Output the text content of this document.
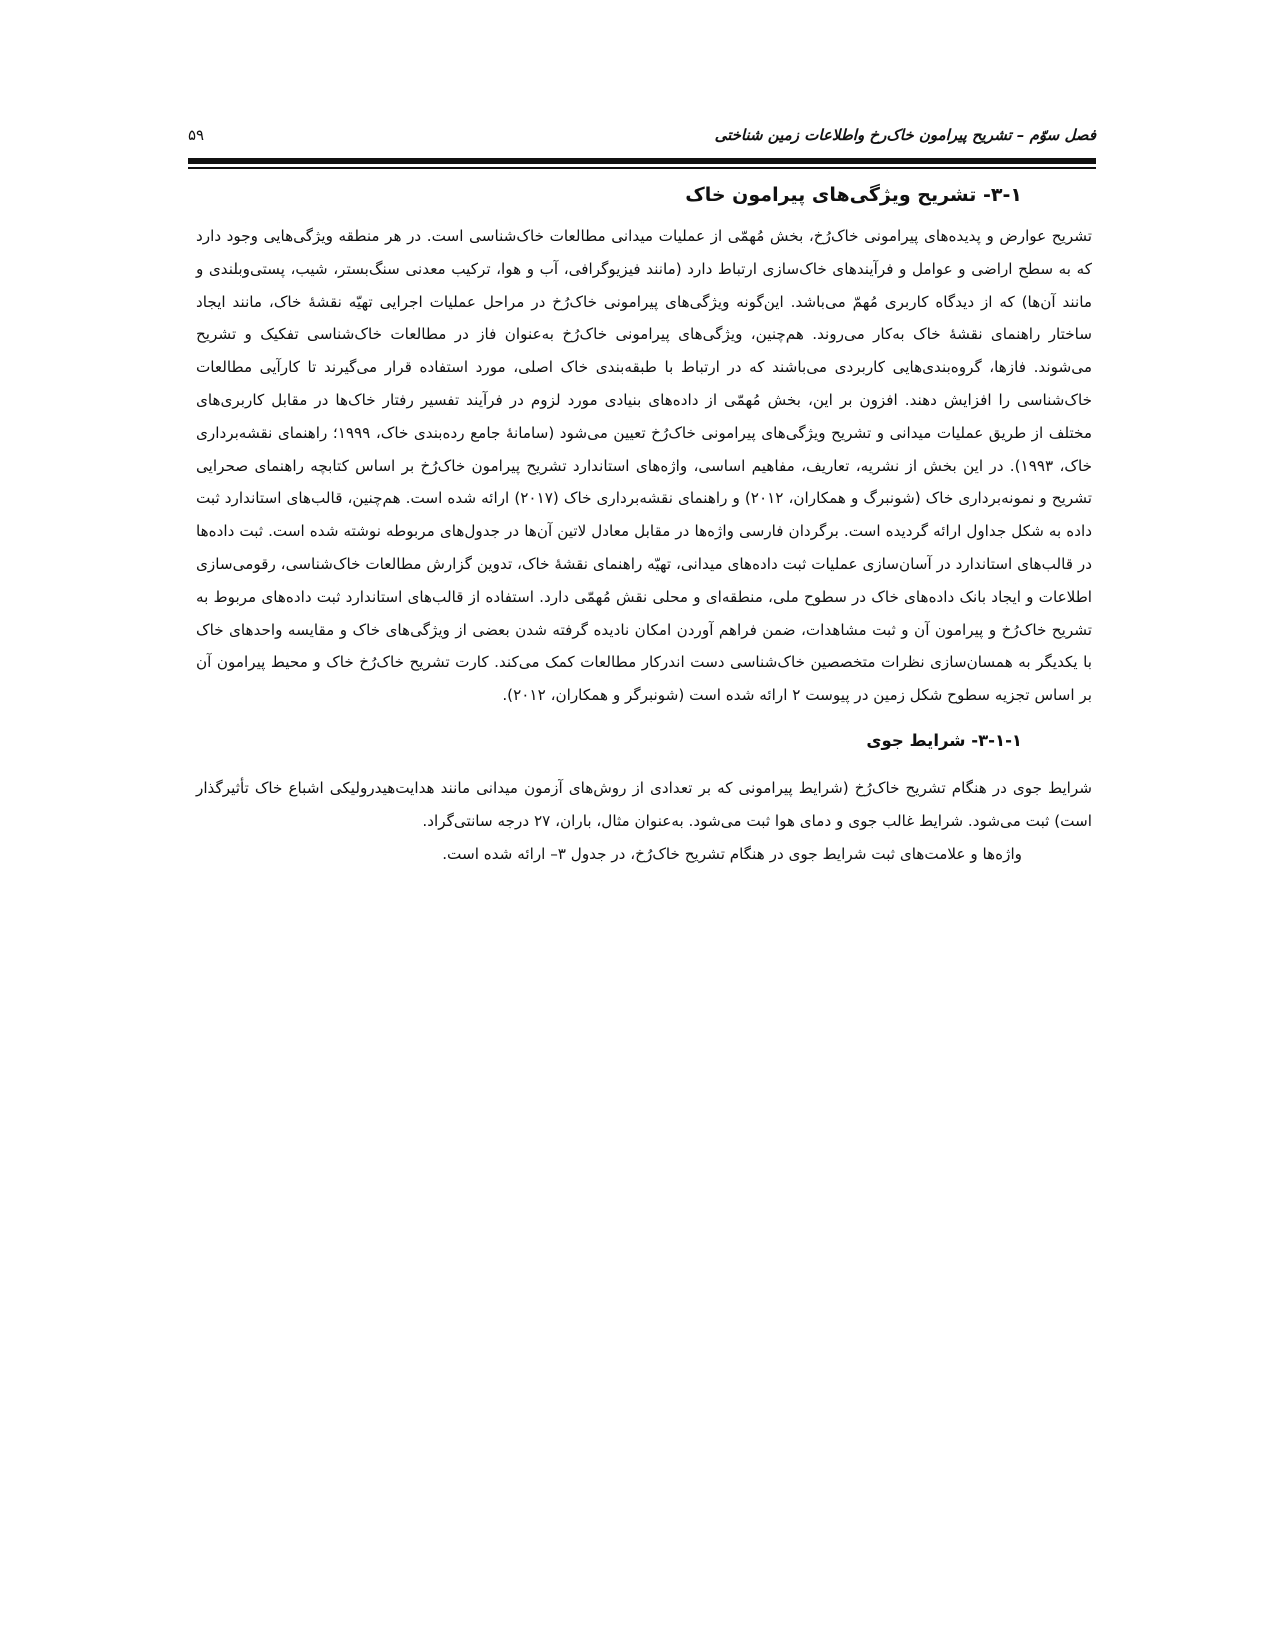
فصل سوّم – تشریح پیرامون خاک‌رخ واطلاعات زمین شناختی
۵۹
۳-۱- تشریح ویژگی‌های پیرامون خاک

تشریح عوارض و پدیده‌های پیرامونی خاک‌رُخ، بخش مُهمّی از عملیات میدانی مطالعات خاک‌شناسی است. در هر منطقه ویژگی‌هایی وجود دارد که به سطح اراضی و عوامل و فرآیندهای خاک‌سازی ارتباط دارد (مانند فیزیوگرافی، آب و هوا، ترکیب معدنی سنگ‌بستر، شیب، پستی‌وبلندی و مانند آن‌ها) که از دیدگاه کاربری مُهمّ می‌باشد. این‌گونه ویژگی‌های پیرامونی خاک‌رُخ در مراحل عملیات اجرایی تهیّه نقشهٔ خاک، مانند ایجاد ساختار راهنمای نقشهٔ خاک به‌کار می‌روند. هم‌چنین، ویژگی‌های پیرامونی خاک‌رُخ به‌عنوان فاز در مطالعات خاک‌شناسی تفکیک و تشریح می‌شوند. فازها، گروه‌بندی‌هایی کاربردی می‌باشند که در ارتباط با طبقه‌بندی خاک اصلی، مورد استفاده قرار می‌گیرند تا کارآیی مطالعات خاک‌شناسی را افزایش دهند. افزون بر این، بخش مُهمّی از داده‌های بنیادی مورد لزوم در فرآیند تفسیر رفتار خاک‌ها در مقابل کاربری‌های مختلف از طریق عملیات میدانی و تشریح ویژگی‌های پیرامونی خاک‌رُخ تعیین می‌شود (سامانهٔ جامع رده‌بندی خاک، ۱۹۹۹؛ راهنمای نقشه‌برداری خاک، ۱۹۹۳). در این بخش از نشریه، تعاریف، مفاهیم اساسی، واژه‌های استاندارد تشریح پیرامون خاک‌رُخ بر اساس کتابچه راهنمای صحرایی تشریح و نمونه‌برداری خاک (شونبرگ و همکاران، ۲۰۱۲) و راهنمای نقشه‌برداری خاک (۲۰۱۷) ارائه شده است. هم‌چنین، قالب‌های استاندارد ثبت داده به شکل جداول ارائه گردیده است. برگردان فارسی واژه‌ها در مقابل معادل لاتین آن‌ها در جدول‌های مربوطه نوشته شده است. ثبت داده‌ها در قالب‌های استاندارد در آسان‌سازی عملیات ثبت داده‌های میدانی، تهیّه راهنمای نقشهٔ خاک، تدوین گزارش مطالعات خاک‌شناسی، رقومی‌سازی اطلاعات و ایجاد بانک داده‌های خاک در سطوح ملی، منطقه‌ای و محلی نقش مُهمّی دارد. استفاده از قالب‌های استاندارد ثبت داده‌های مربوط به تشریح خاک‌رُخ و پیرامون آن و ثبت مشاهدات، ضمن فراهم آوردن امکان نادیده گرفته شدن بعضی از ویژگی‌های خاک و مقایسه واحدهای خاک با یکدیگر به همسان‌سازی نظرات متخصصین خاک‌شناسی دست اندرکار مطالعات کمک می‌کند. کارت تشریح خاک‌رُخ خاک و محیط پیرامون آن بر اساس تجزیه سطوح شکل زمین در پیوست ۲ ارائه شده است (شونبرگر و همکاران، ۲۰۱۲).

۳-۱-۱- شرایط جوی

شرایط جوی در هنگام تشریح خاک‌رُخ (شرایط پیرامونی که بر تعدادی از روش‌های آزمون میدانی مانند هدایت‌هیدرولیکی اشباع خاک تأثیرگذار است) ثبت می‌شود. شرایط غالب جوی و دمای هوا ثبت می‌شود. به‌عنوان مثال، باران، ۲۷ درجه سانتی‌گراد.

واژه‌ها و علامت‌های ثبت شرایط جوی در هنگام تشریح خاک‌رُخ، در جدول ۳– ارائه شده است.
